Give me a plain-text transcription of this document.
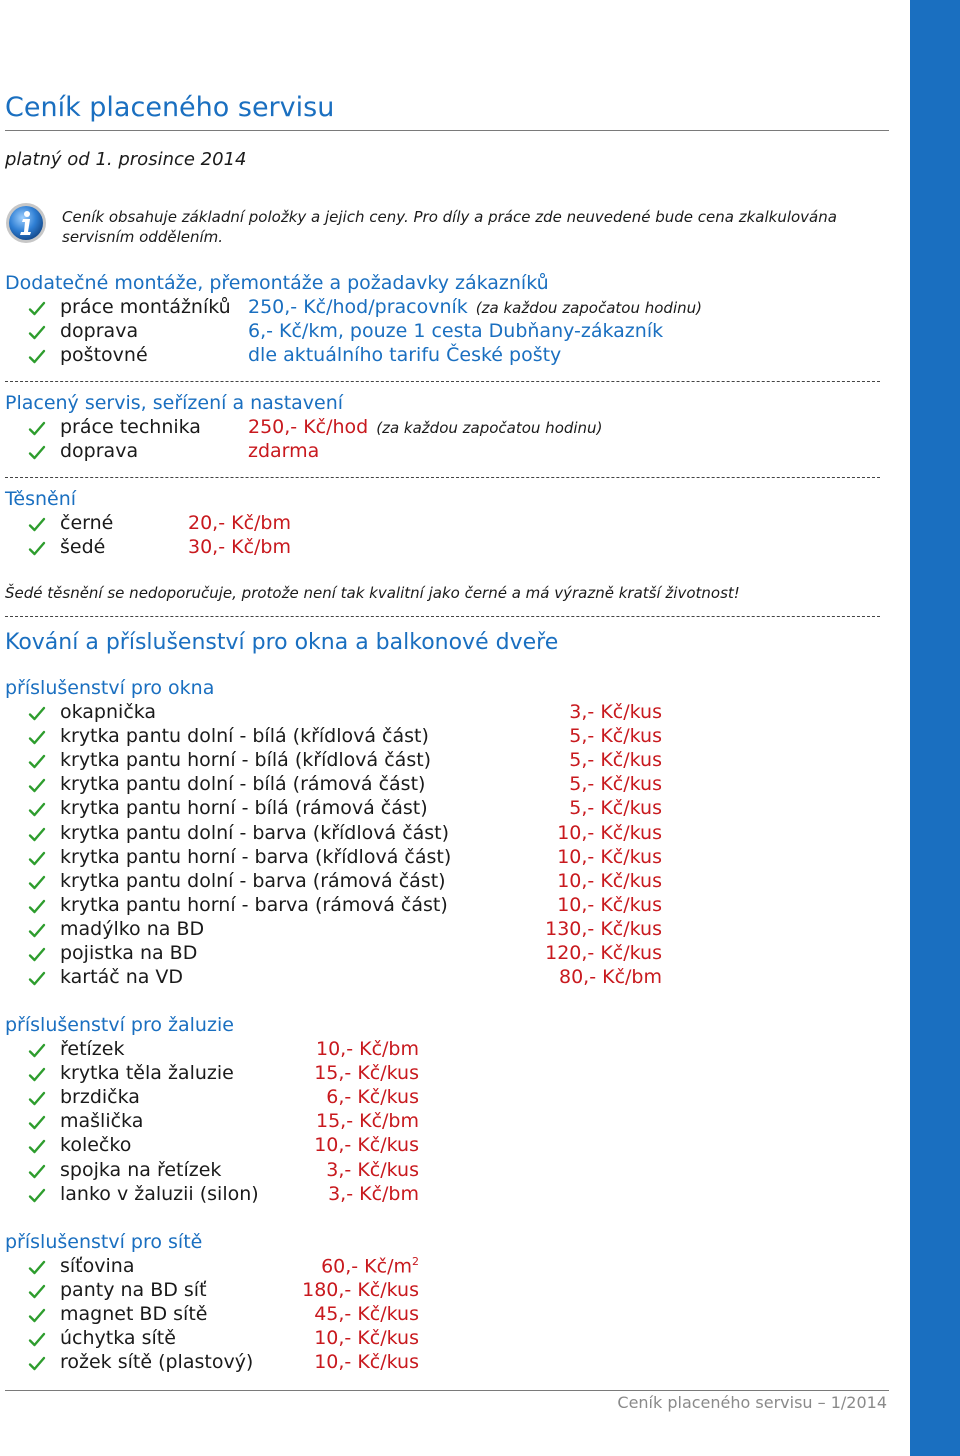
Ceník placeného servisu
platný od 1. prosince 2014
Ceník obsahuje základní položky a jejich ceny. Pro díly a práce zde neuvedené bude cena zkalkulována servisním oddělením.
Dodatečné montáže, přemontáže a požadavky zákazníků
práce montážníků 250,- Kč/hod/pracovník (za každou započatou hodinu)
doprava	6,- Kč/km, pouze 1 cesta Dubňany-zákazník
poštovné	dle aktuálního tarifu České pošty
Placený servis, seřízení a nastavení
práce technika 250,- Kč/hod (za každou započatou hodinu)
doprava	zdarma
Těsnění
černé	20,- Kč/bm
šedé	30,- Kč/bm
Šedé těsnění se nedoporučuje, protože není tak kvalitní jako černé a má výrazně kratší životnost!
Kování a příslušenství pro okna a balkonové dveře
příslušenství pro okna
okapnička	3,- Kč/kus
krytka pantu dolní - bílá (křídlová část)	5,- Kč/kus
krytka pantu horní - bílá (křídlová část)	5,- Kč/kus
krytka pantu dolní - bílá (rámová část)	5,- Kč/kus
krytka pantu horní - bílá (rámová část)	5,- Kč/kus
krytka pantu dolní - barva (křídlová část)	10,- Kč/kus
krytka pantu horní - barva (křídlová část)	10,- Kč/kus
krytka pantu dolní - barva (rámová část)	10,- Kč/kus
krytka pantu horní - barva (rámová část)	10,- Kč/kus
madýlko na BD	130,- Kč/kus
pojistka na BD	120,- Kč/kus
kartáč na VD	80,- Kč/bm
příslušenství pro žaluzie
řetízek	10,- Kč/bm
krytka těla žaluzie	15,- Kč/kus
brzdička	6,- Kč/kus
mašlička	15,- Kč/bm
kolečko	10,- Kč/kus
spojka na řetízek	3,- Kč/kus
lanko v žaluzii (silon)	3,- Kč/bm
příslušenství pro sítě
síťovina	60,- $Kč/m^2$
panty na BD síť	180,- Kč/kus
magnet BD sítě	45,- Kč/kus
úchytka sítě	10,- Kč/kus
rožek sítě (plastový)	10,- Kč/kus
Ceník placeného servisu – 1/2014
